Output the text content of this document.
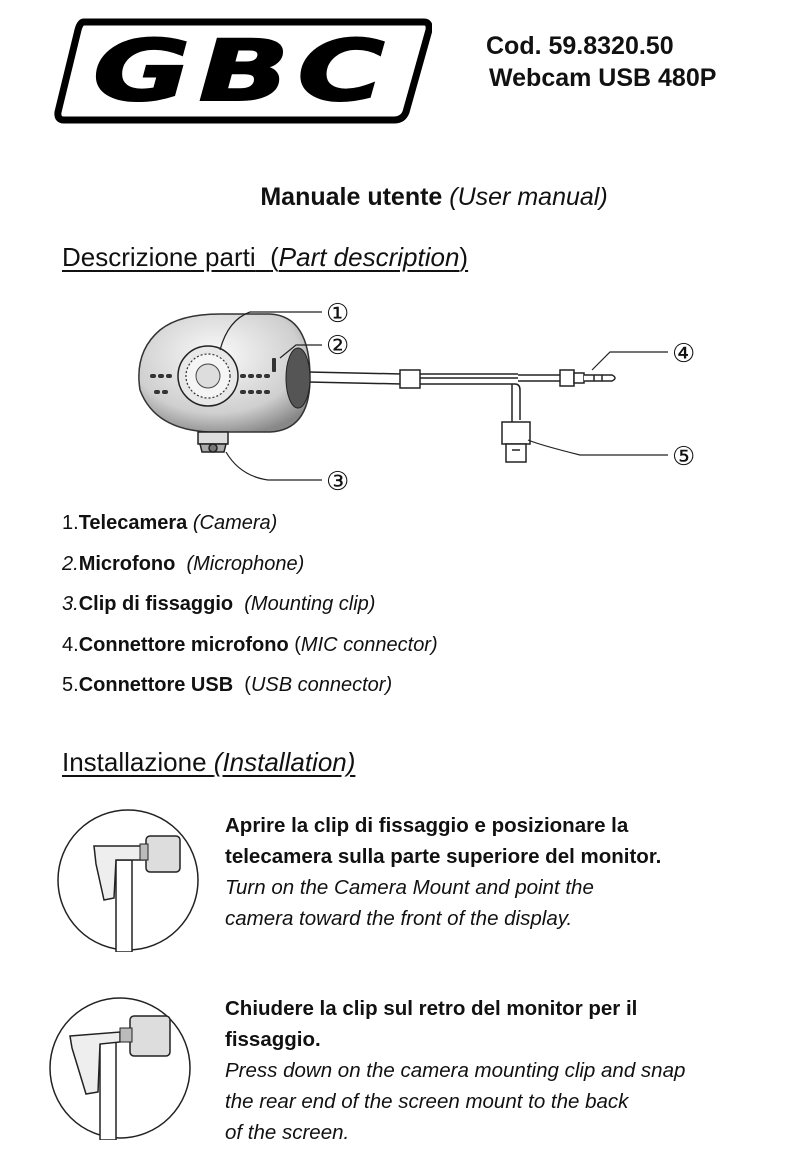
GBC	Cod. 59.8320.50
Webcam USB 480P
Manuale utente (User manual)
Descrizione parti (Part description)
①
②
③
④
⑤
1.Telecamera (Camera)
2.Microfono (Microphone)
3.Clip di fissaggio (Mounting clip)
4.Connettore microfono (MIC connector)
5.Connettore USB (USB connector)
Installazione (Installation)
Aprire la clip di fissaggio e posizionare la
telecamera sulla parte superiore del monitor.
Turn on the Camera Mount and point the
camera toward the front of the display.
Chiudere la clip sul retro del monitor per il
fissaggio.
Press down on the camera mounting clip and snap
the rear end of the screen mount to the back
of the screen.
